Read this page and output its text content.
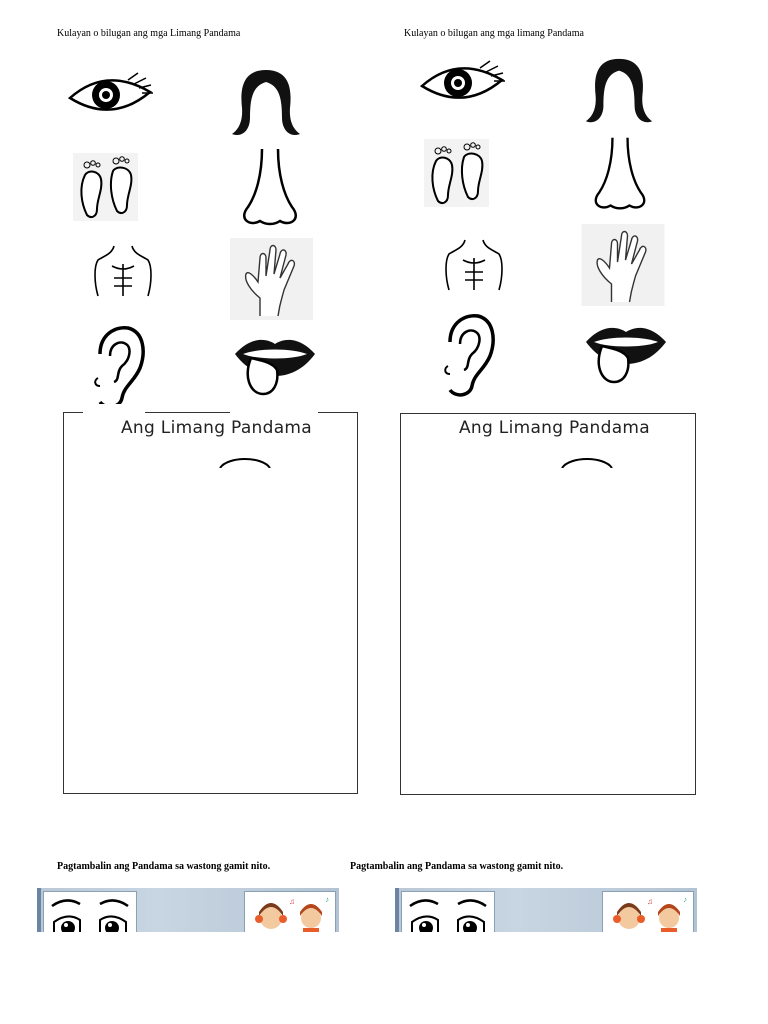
Kulayan o bilugan ang mga Limang Pandama
Ang Limang Pandama
Kulayan o bilugan ang mga limang Pandama
Ang Limang Pandama
Pagtambalin ang Pandama sa wastong gamit nito.	Pagtambalin ang Pandama sa wastong gamit nito.
♫	♪	♫	♪
